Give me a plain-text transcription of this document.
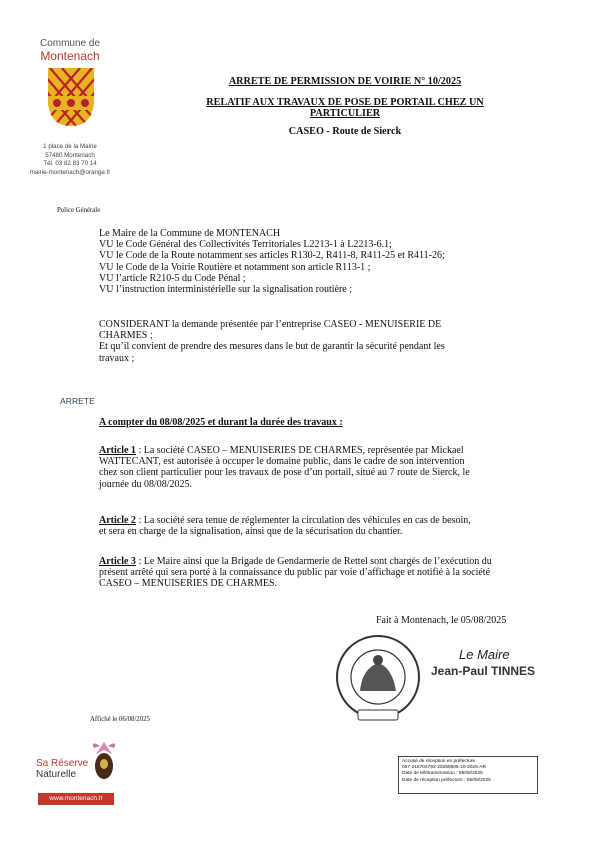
Commune de
Montenach
1 place de la Mairie
57480 Montenach
Tél. 03 82 83 70 14
mairie-montenach@orange.fr
ARRETE DE PERMISSION DE VOIRIE N° 10/2025
RELATIF AUX TRAVAUX DE POSE DE PORTAIL CHEZ UN
PARTICULIER
CASEO - Route de Sierck
Police Générale
Le Maire de la Commune de MONTENACH
VU le Code Général des Collectivités Territoriales L2213-1 à L2213-6.1;
VU le Code de la Route notamment ses articles R130-2, R411-8, R411-25 et R411-26;
VU le Code de la Voirie Routière et notamment son article R113-1 ;
VU l’article R210-5 du Code Pénal ;
VU l’instruction interministérielle sur la signalisation routière ;
CONSIDERANT la demande présentée par l’entreprise CASEO - MENUISERIE DE
CHARMES ;
Et qu’il convient de prendre des mesures dans le but de garantir la sécurité pendant les
travaux ;
ARRETE
A compter du 08/08/2025 et durant la durée des travaux :
Article 1 : La société CASEO – MENUISERIES DE CHARMES, représentée par Mickael
WATTECANT, est autorisée à occuper le domaine public, dans le cadre de son intervention
chez son client particulier pour les travaux de pose d’un portail, situé au 7 route de Sierck, le
journée du 08/08/2025.
Article 2 : La société sera tenue de réglementer la circulation des véhicules en cas de besoin,
et sera en charge de la signalisation, ainsi que de la sécurisation du chantier.
Article 3 : Le Maire ainsi que la Brigade de Gendarmerie de Rettel sont chargés de l’exécution du
présent arrêté qui sera porté à la connaissance du public par voie d’affichage et notifié à la société
CASEO – MENUISERIES DE CHARMES.
Fait à Montenach, le 05/08/2025
Le Maire
Jean-Paul TINNES
Affiché le 06/08/2025
Sa Réserve
Naturelle
www.montenach.fr
Accusé de réception en préfecture
057-215704792-20250805-10-2025-AR
Date de télétransmission : 05/08/2025
Date de réception préfecture : 05/08/2025
